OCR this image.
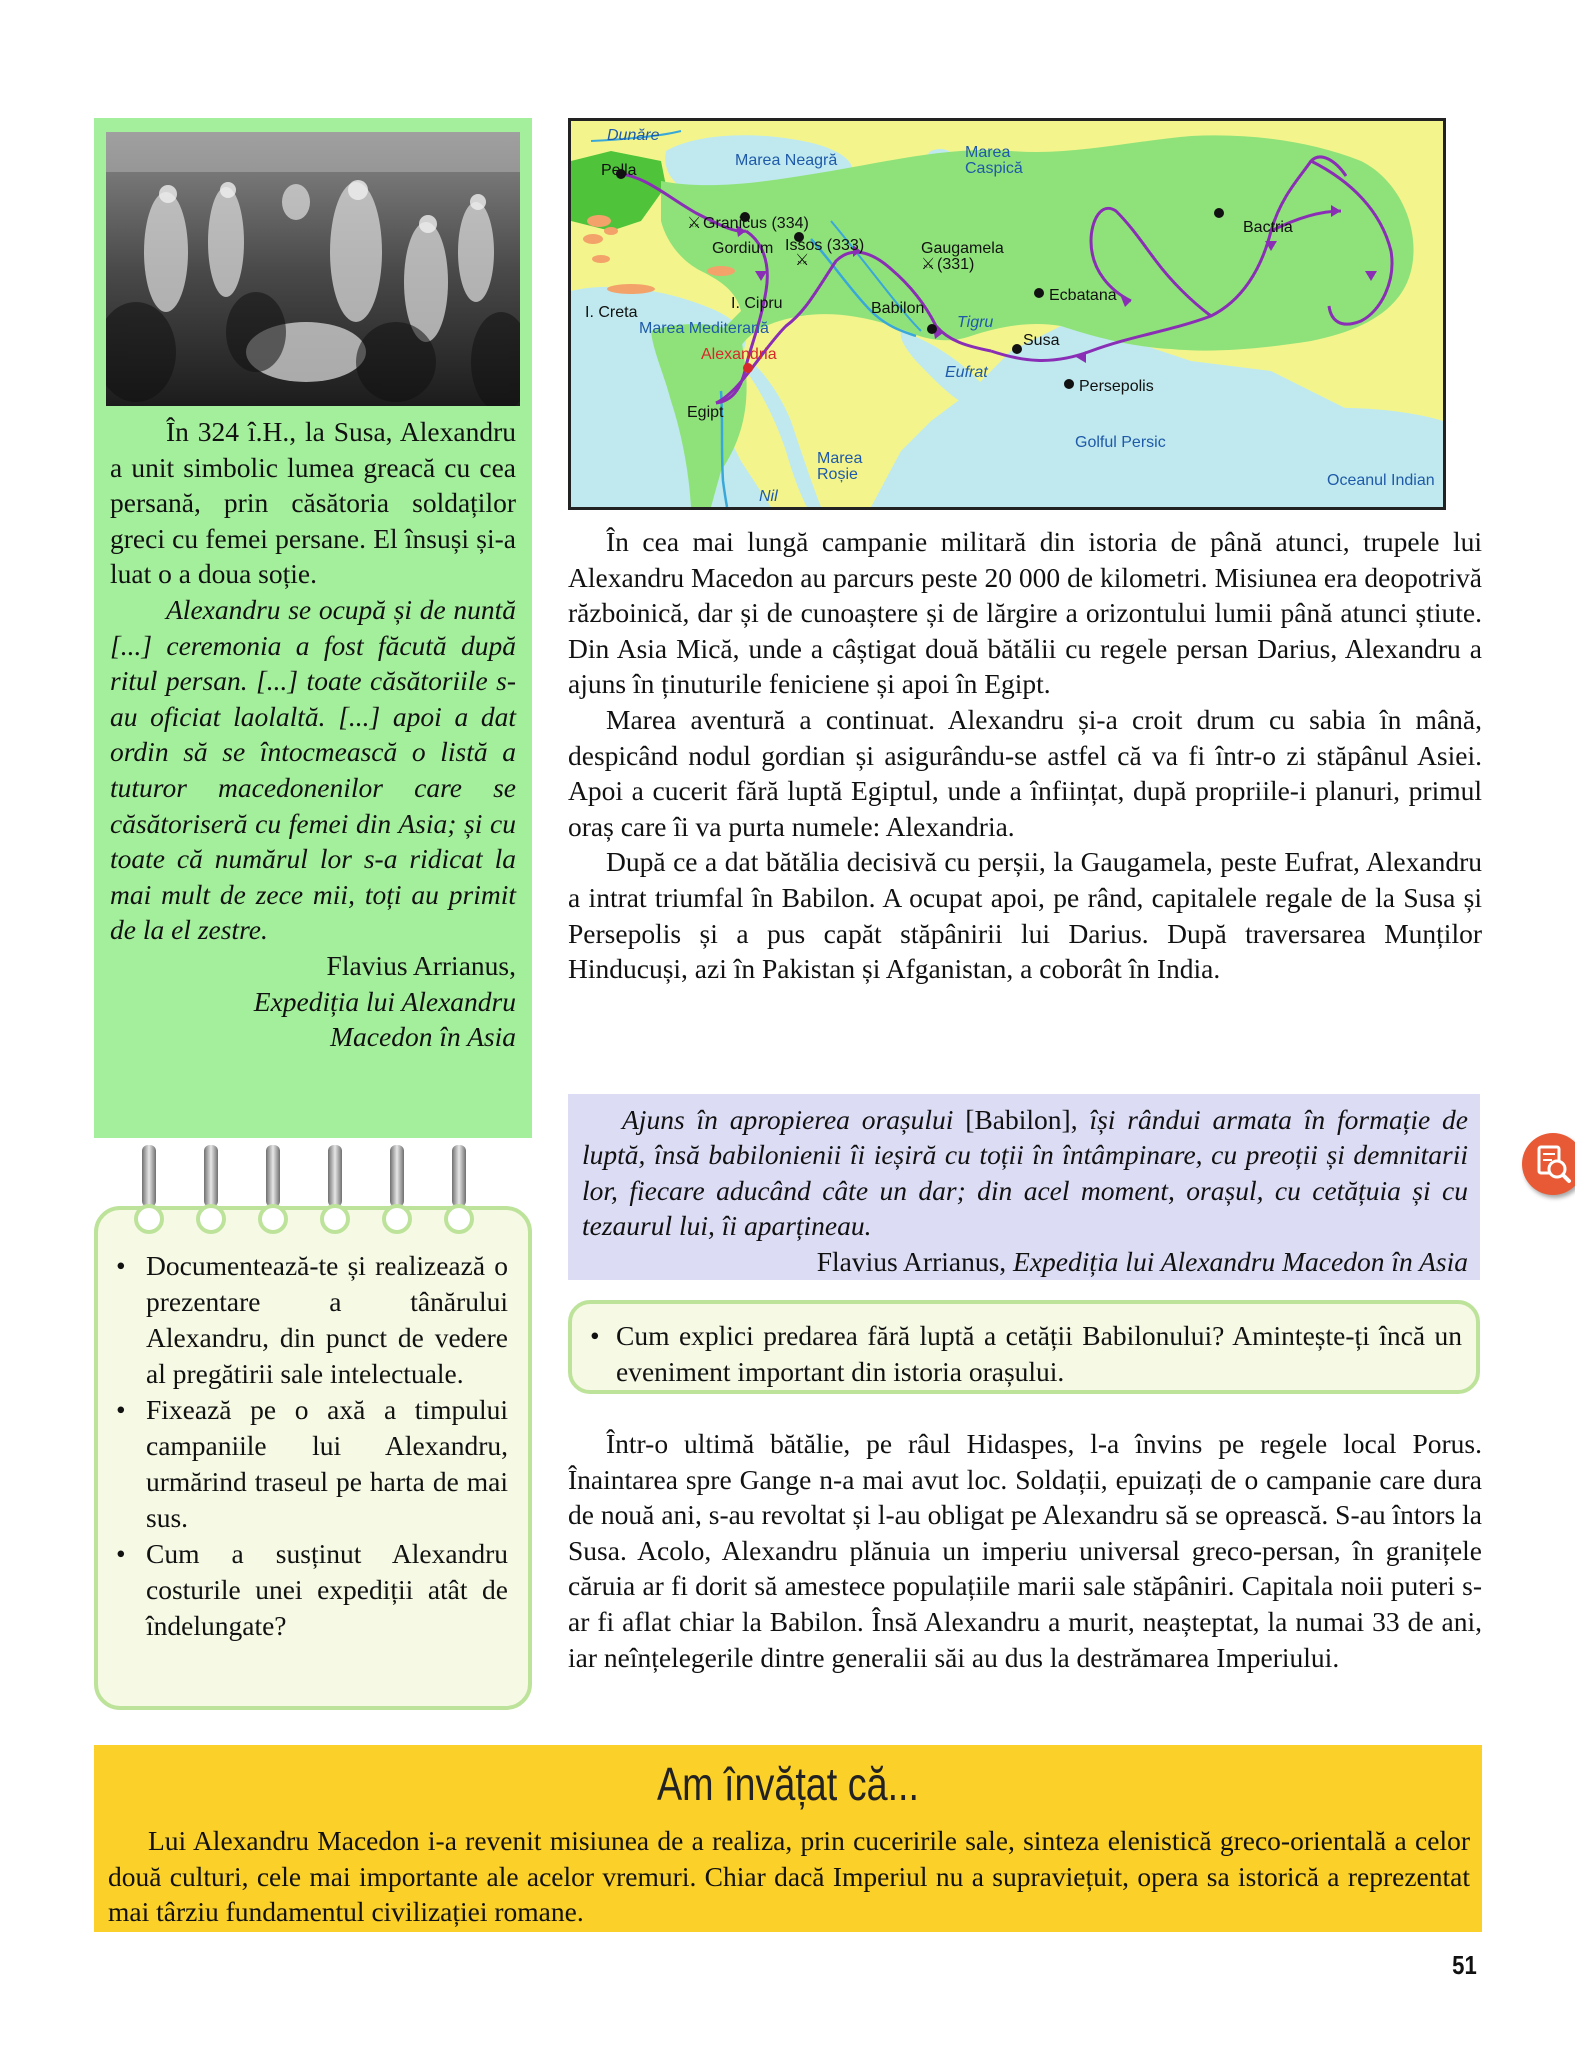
În 324 î.H., la Susa, Alexandru a unit simbolic lumea greacă cu cea persană, prin căsătoria soldaților greci cu femei persane. El însuși și-a luat o a doua soție.

Alexandru se ocupă și de nuntă [...] ceremonia a fost făcută după ritul persan. [...] toate căsătoriile s-au oficiat laolaltă. [...] apoi a dat ordin să se întocmească o listă a tuturor macedonenilor care se căsătoriseră cu femei din Asia; și cu toate că numărul lor s-a ridicat la mai mult de zece mii, toți au primit de la el zestre.

Flavius Arrianus,

Expediția lui Alexandru

Macedon în Asia

• Documentează-te și realizează o prezentare a tânărului Alexandru, din punct de vedere al pregătirii sale intelectuale.
• Fixează pe o axă a timpului campaniile lui Alexandru, urmărind traseul pe harta de mai sus.
• Cum a susținut Alexandru costurile unei expediții atât de îndelungate?
Dunăre
Pella
Marea Neagră	Marea
Caspică
⚔ Granicus (334)
Gordium Issos (333)
⚔
Gaugamela
⚔ (331)
Bactria
Ecbatana
I. Cipru
I. Creta
Marea Mediterană
Babilon
Tigru
Susa
Alexandria
Eufrat
Persepolis
Egipt
Golful Persic
Marea
Roșie
Nil
Oceanul Indian

În cea mai lungă campanie militară din istoria de până atunci, trupele lui Alexandru Macedon au parcurs peste 20 000 de kilometri. Misiunea era deopotrivă războinică, dar și de cunoaștere și de lărgire a orizontului lumii până atunci știute. Din Asia Mică, unde a câștigat două bătălii cu regele persan Darius, Alexandru a ajuns în ținuturile feniciene și apoi în Egipt.

Marea aventură a continuat. Alexandru și-a croit drum cu sabia în mână, despicând nodul gordian și asigurându-se astfel că va fi într-o zi stăpânul Asiei. Apoi a cucerit fără luptă Egiptul, unde a înființat, după propriile-i planuri, primul oraș care îi va purta numele: Alexandria.

După ce a dat bătălia decisivă cu perșii, la Gaugamela, peste Eufrat, Alexandru a intrat triumfal în Babilon. A ocupat apoi, pe rând, capitalele regale de la Susa și Persepolis și a pus capăt stăpânirii lui Darius. După traversarea Munților Hinducuși, azi în Pakistan și Afganistan, a coborât în India.

Ajuns în apropierea orașului [Babilon], își rândui armata în formație de luptă, însă babilonienii îi ieșiră cu toții în întâmpinare, cu preoții și demnitarii lor, fiecare aducând câte un dar; din acel moment, orașul, cu cetățuia și cu tezaurul lui, îi aparțineau.
Flavius Arrianus, Expediția lui Alexandru Macedon în Asia
• Cum explici predarea fără luptă a cetății Babilonului? Amintește-ți încă un eveniment important din istoria orașului.

Într-o ultimă bătălie, pe râul Hidaspes, l-a învins pe regele local Porus. Înaintarea spre Gange n-a mai avut loc. Soldații, epuizați de o campanie care dura de nouă ani, s-au revoltat și l-au obligat pe Alexandru să se oprească. S-au întors la Susa. Acolo, Alexandru plănuia un imperiu universal greco-persan, în granițele căruia ar fi dorit să amestece populațiile marii sale stăpâniri. Capitala noii puteri s-ar fi aflat chiar la Babilon. Însă Alexandru a murit, neașteptat, la numai 33 de ani, iar neînțelegerile dintre generalii săi au dus la destrămarea Imperiului.

Am învățat că...
Lui Alexandru Macedon i-a revenit misiunea de a realiza, prin cuceririle sale, sinteza elenistică greco-orientală a celor două culturi, cele mai importante ale acelor vremuri. Chiar dacă Imperiul nu a supraviețuit, opera sa istorică a reprezentat mai târziu fundamentul civilizației romane.
51
